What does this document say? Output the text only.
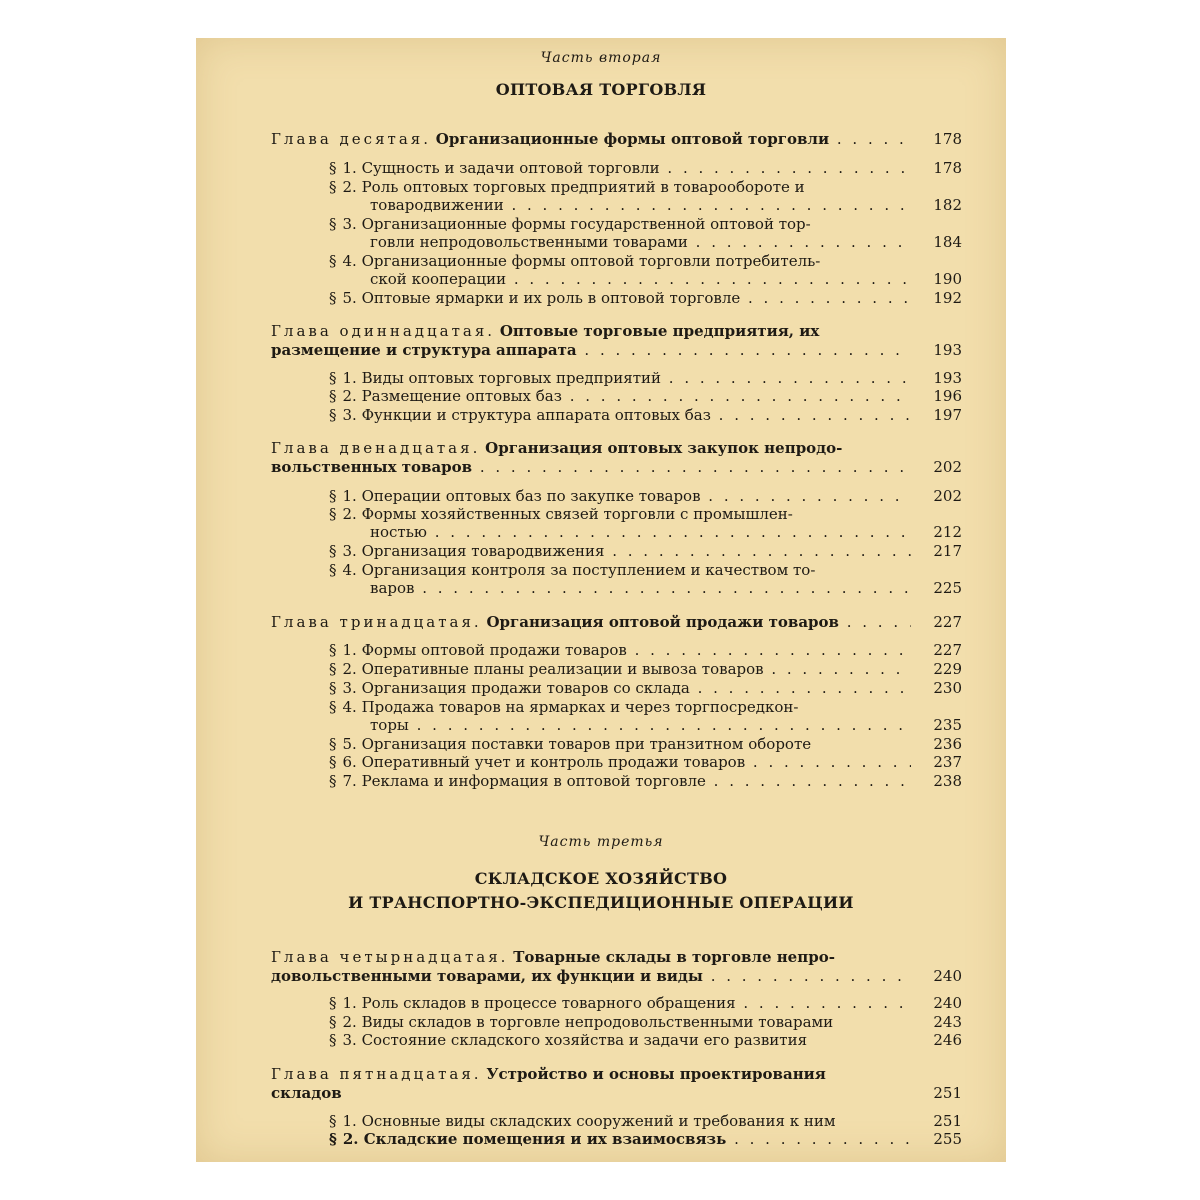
Часть вторая
ОПТОВАЯ ТОРГОВЛЯ
Глава десятая. Организационные формы оптовой торговли . . .	178
§ 1. Сущность и задачи оптовой торговли . . .	178
§ 2. Роль оптовых торговых предприятий в товарообороте и
товародвижении . . .	182
§ 3. Организационные формы государственной оптовой тор-
говли непродовольственными товарами . . .	184
§ 4. Организационные формы оптовой торговли потребитель-
ской кооперации . . .	190
§ 5. Оптовые ярмарки и их роль в оптовой торговле . . .	192
Глава одиннадцатая. Оптовые торговые предприятия, их
размещение и структура аппарата . . .	193
§ 1. Виды оптовых торговых предприятий . . .	193
§ 2. Размещение оптовых баз . . .	196
§ 3. Функции и структура аппарата оптовых баз . . .	197
Глава двенадцатая. Организация оптовых закупок непродо-
вольственных товаров . . .	202
§ 1. Операции оптовых баз по закупке товаров . . .	202
§ 2. Формы хозяйственных связей торговли с промышлен-
ностью . . .	212
§ 3. Организация товародвижения . . .	217
§ 4. Организация контроля за поступлением и качеством то-
варов . . .	225
Глава тринадцатая. Организация оптовой продажи товаров . . .	227
§ 1. Формы оптовой продажи товаров . . .	227
§ 2. Оперативные планы реализации и вывоза товаров . . .	229
§ 3. Организация продажи товаров со склада . . .	230
§ 4. Продажа товаров на ярмарках и через торгпосредкон-
торы . . .	235
§ 5. Организация поставки товаров при транзитном обороте	236
§ 6. Оперативный учет и контроль продажи товаров . . .	237
§ 7. Реклама и информация в оптовой торговле . . .	238
Часть третья
СКЛАДСКОЕ ХОЗЯЙСТВО
И ТРАНСПОРТНО-ЭКСПЕДИЦИОННЫЕ ОПЕРАЦИИ
Глава четырнадцатая. Товарные склады в торговле непро-
довольственными товарами, их функции и виды . . .	240
§ 1. Роль складов в процессе товарного обращения . . .	240
§ 2. Виды складов в торговле непродовольственными товарами	243
§ 3. Состояние складского хозяйства и задачи его развития	246
Глава пятнадцатая. Устройство и основы проектирования
складов	251
§ 1. Основные виды складских сооружений и требования к ним	251
§ 2. Складские помещения и их взаимосвязь . . .	255
